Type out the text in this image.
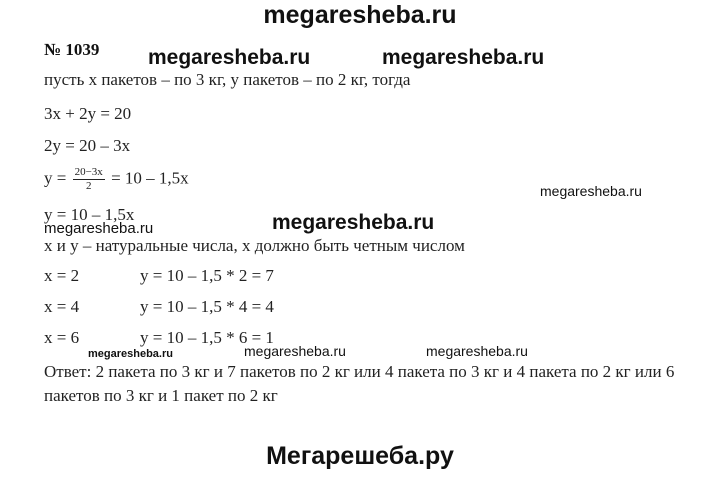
megaresheba.ru
№ 1039 megaresheba.ru	megaresheba.ru
пусть x пакетов – по 3 кг, у пакетов – по 2 кг, тогда
3x + 2y = 20
2y = 20 – 3x
$y = \frac{20-3x}{2} = 10 - 1,5x$
megaresheba.ru
y = 10 – 1,5x	megaresheba.ru
megaresheba.ru
x и у – натуральные числа, x должно быть четным числом
x = 2	y = 10 – 1,5 * 2 = 7
x = 4	y = 10 – 1,5 * 4 = 4
x = 6	y = 10 – 1,5 * 6 = 1
megaresheba.ru	megaresheba.ru	megaresheba.ru
Ответ: 2 пакета по 3 кг и 7 пакетов по 2 кг или 4 пакета по 3 кг и 4 пакета по 2 кг или 6 пакетов по 3 кг и 1 пакет по 2 кг
Мегарешеба.ру
